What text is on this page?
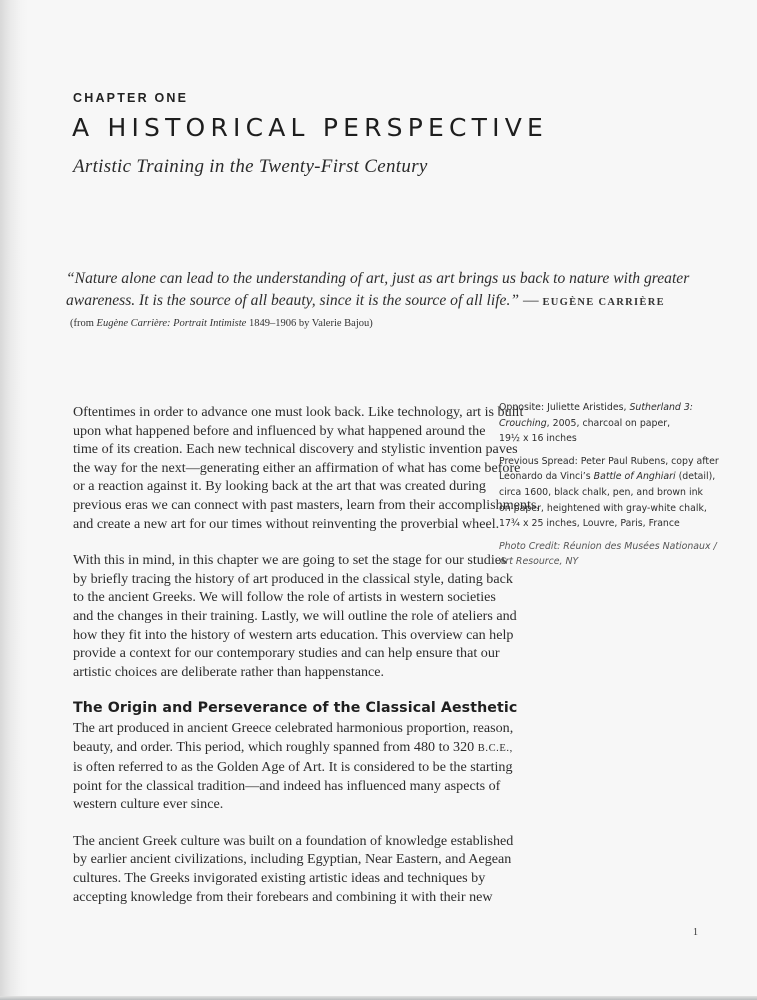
CHAPTER ONE
A HISTORICAL PERSPECTIVE
Artistic Training in the Twenty-First Century
“Nature alone can lead to the understanding of art, just as art brings us back to nature with greater
awareness. It is the source of all beauty, since it is the source of all life.” — EUGÈNE CARRIÈRE
(from Eugène Carrière: Portrait Intimiste 1849–1906 by Valerie Bajou)

Oftentimes in order to advance one must look back. Like technology, art is built
upon what happened before and influenced by what happened around the
time of its creation. Each new technical discovery and stylistic invention paves
the way for the next—generating either an affirmation of what has come before
or a reaction against it. By looking back at the art that was created during
previous eras we can connect with past masters, learn from their accomplishments,
and create a new art for our times without reinventing the proverbial wheel.

With this in mind, in this chapter we are going to set the stage for our studies
by briefly tracing the history of art produced in the classical style, dating back
to the ancient Greeks. We will follow the role of artists in western societies
and the changes in their training. Lastly, we will outline the role of ateliers and
how they fit into the history of western arts education. This overview can help
provide a context for our contemporary studies and can help ensure that our
artistic choices are deliberate rather than happenstance.

The Origin and Perseverance of the Classical Aesthetic

The art produced in ancient Greece celebrated harmonious proportion, reason,
beauty, and order. This period, which roughly spanned from 480 to 320 B.C.E.,
is often referred to as the Golden Age of Art. It is considered to be the starting
point for the classical tradition—and indeed has influenced many aspects of
western culture ever since.

The ancient Greek culture was built on a foundation of knowledge established
by earlier ancient civilizations, including Egyptian, Near Eastern, and Aegean
cultures. The Greeks invigorated existing artistic ideas and techniques by
accepting knowledge from their forebears and combining it with their new

Opposite: Juliette Aristides, Sutherland 3:
Crouching, 2005, charcoal on paper,
19½ x 16 inches

Previous Spread: Peter Paul Rubens, copy after
Leonardo da Vinci’s Battle of Anghiari (detail),
circa 1600, black chalk, pen, and brown ink
on paper, heightened with gray-white chalk,
17¾ x 25 inches, Louvre, Paris, France

Photo Credit: Réunion des Musées Nationaux /
Art Resource, NY

1
